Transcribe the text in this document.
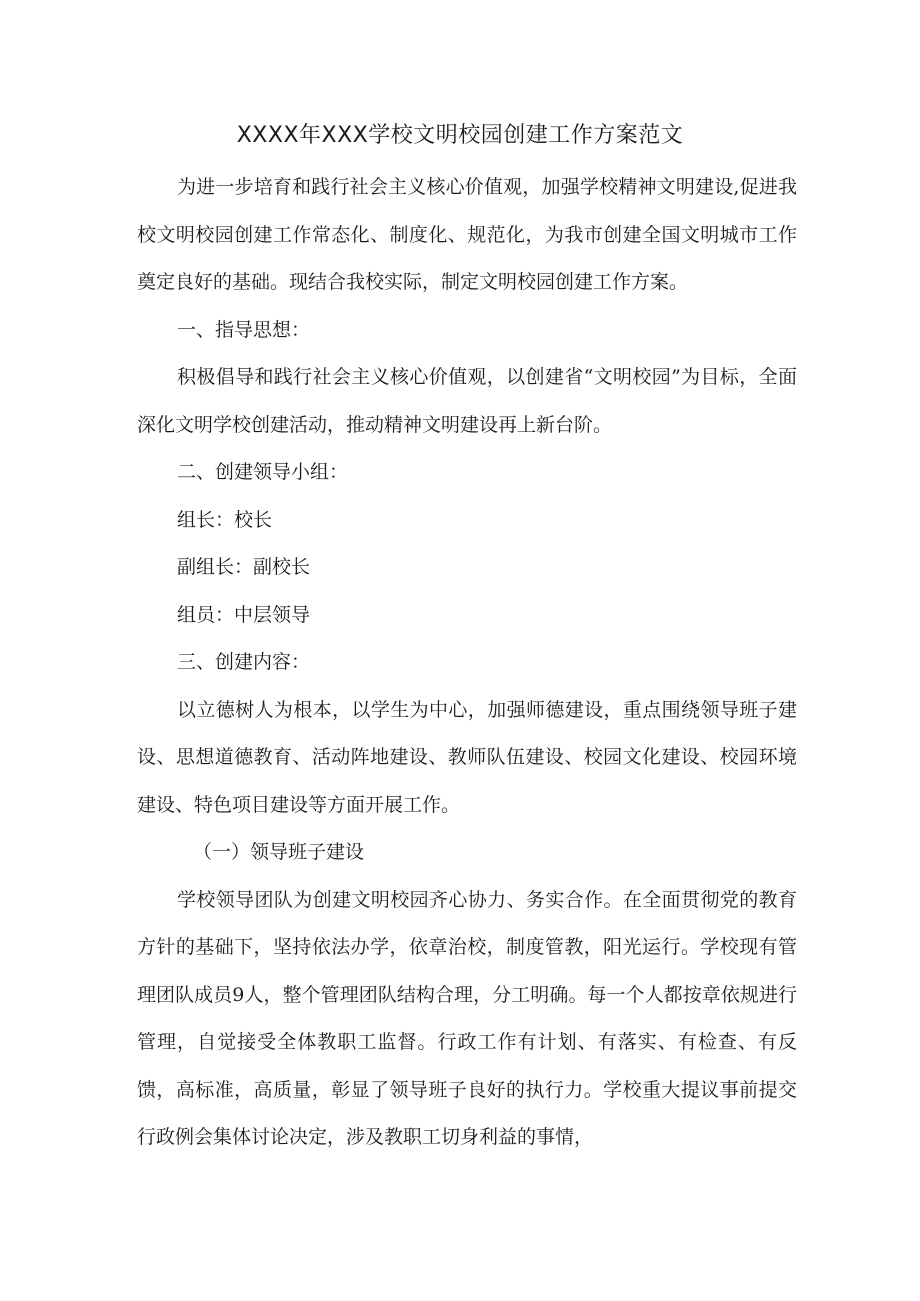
XXXX年XXX学校文明校园创建工作方案范文

为进一步培育和践行社会主义核心价值观，加强学校精神文明建设,促进我校文明校园创建工作常态化、制度化、规范化，为我市创建全国文明城市工作奠定良好的基础。现结合我校实际，制定文明校园创建工作方案。

一、指导思想：

积极倡导和践行社会主义核心价值观，以创建省“文明校园”为目标，全面深化文明学校创建活动，推动精神文明建设再上新台阶。

二、创建领导小组：

组长：校长

副组长：副校长

组员：中层领导

三、创建内容：

以立德树人为根本，以学生为中心，加强师德建设，重点围绕领导班子建设、思想道德教育、活动阵地建设、教师队伍建设、校园文化建设、校园环境建设、特色项目建设等方面开展工作。

（一）领导班子建设

学校领导团队为创建文明校园齐心协力、务实合作。在全面贯彻党的教育方针的基础下，坚持依法办学，依章治校，制度管教，阳光运行。学校现有管理团队成员9人，整个管理团队结构合理，分工明确。每一个人都按章依规进行管理，自觉接受全体教职工监督。行政工作有计划、有落实、有检查、有反馈，高标准，高质量，彰显了领导班子良好的执行力。学校重大提议事前提交行政例会集体讨论决定，涉及教职工切身利益的事情，
